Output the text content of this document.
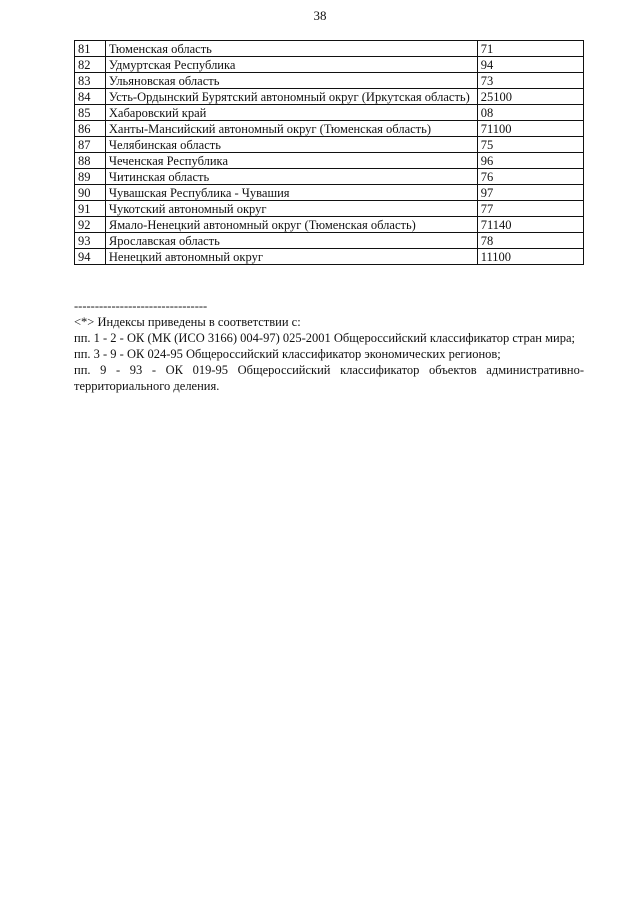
38
81	Тюменская область	71
82	Удмуртская Республика	94
83	Ульяновская область	73
84	Усть-Ордынский Бурятский автономный округ (Иркутская область)	25100
85	Хабаровский край	08
86	Ханты-Мансийский автономный округ (Тюменская область)	71100
87	Челябинская область	75
88	Чеченская Республика	96
89	Читинская область	76
90	Чувашская Республика - Чувашия	97
91	Чукотский автономный округ	77
92	Ямало-Ненецкий автономный округ (Тюменская область)	71140
93	Ярославская область	78
94	Ненецкий автономный округ	11100

--------------------------------

<*> Индексы приведены в соответствии с:

пп. 1 - 2 - ОК (МК (ИСО 3166) 004-97) 025-2001 Общероссийский классификатор стран мира;

пп. 3 - 9 - ОК 024-95 Общероссийский классификатор экономических регионов;

пп. 9 - 93 - ОК 019-95 Общероссийский классификатор объектов административно-

территориального деления.
